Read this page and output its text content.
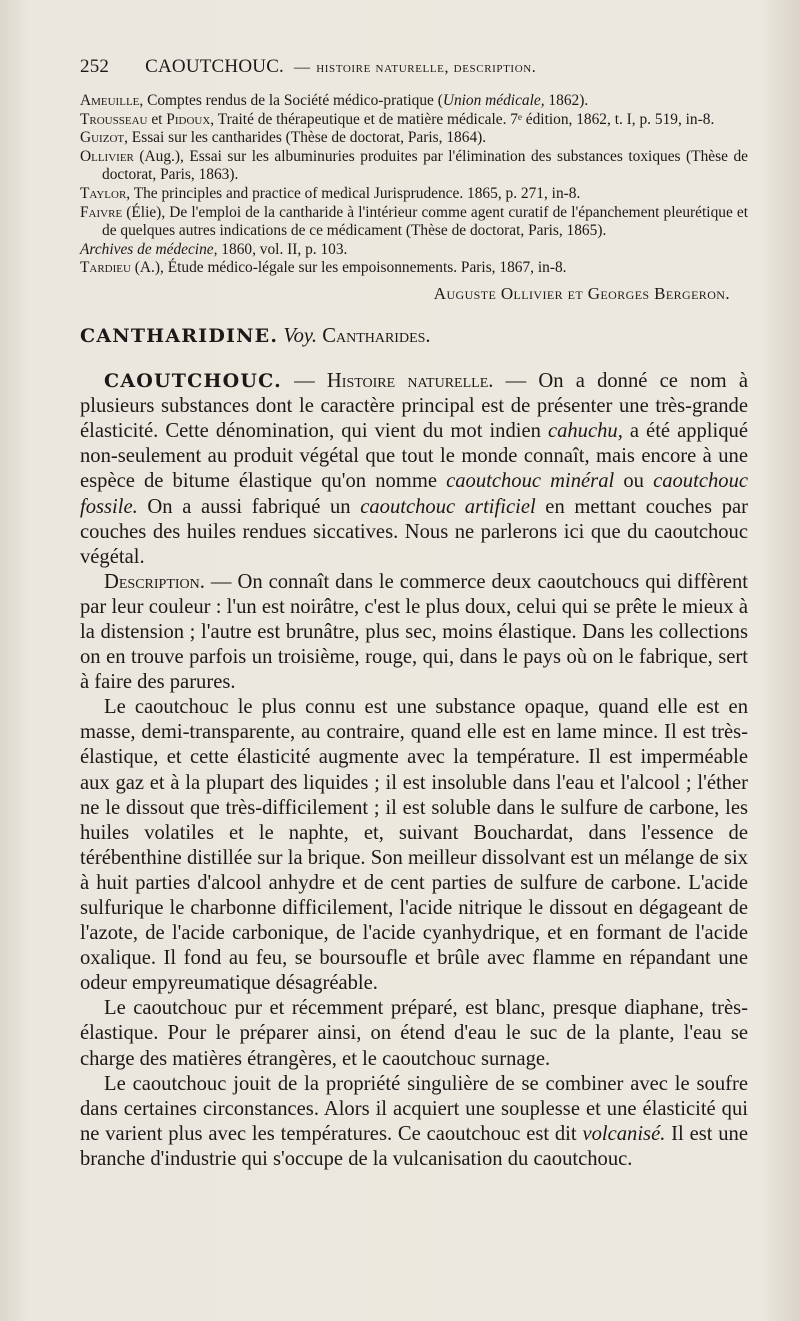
252 CAOUTCHOUC. — histoire naturelle, description.

Ameuille, Comptes rendus de la Société médico-pratique (Union médicale, 1862).

Trousseau et Pidoux, Traité de thérapeutique et de matière médicale. 7ᵉ édition, 1862, t. I, p. 519, in-8.

Guizot, Essai sur les cantharides (Thèse de doctorat, Paris, 1864).

Ollivier (Aug.), Essai sur les albuminuries produites par l'élimination des substances toxiques (Thèse de doctorat, Paris, 1863).

Taylor, The principles and practice of medical Jurisprudence. 1865, p. 271, in-8.

Faivre (Élie), De l'emploi de la cantharide à l'intérieur comme agent curatif de l'épanchement pleurétique et de quelques autres indications de ce médicament (Thèse de doctorat, Paris, 1865).

Archives de médecine, 1860, vol. II, p. 103.

Tardieu (A.), Étude médico-légale sur les empoisonnements. Paris, 1867, in-8.

Auguste Ollivier et Georges Bergeron.

CANTHARIDINE. Voy. Cantharides.

CAOUTCHOUC. — Histoire naturelle. — On a donné ce nom à plusieurs substances dont le caractère principal est de présenter une très-grande élasticité. Cette dénomination, qui vient du mot indien cahuchu, a été appliqué non-seulement au produit végétal que tout le monde connaît, mais encore à une espèce de bitume élastique qu'on nomme caoutchouc minéral ou caoutchouc fossile. On a aussi fabriqué un caoutchouc artificiel en mettant couches par couches des huiles rendues siccatives. Nous ne parlerons ici que du caoutchouc végétal.

Description. — On connaît dans le commerce deux caoutchoucs qui diffèrent par leur couleur : l'un est noirâtre, c'est le plus doux, celui qui se prête le mieux à la distension ; l'autre est brunâtre, plus sec, moins élastique. Dans les collections on en trouve parfois un troisième, rouge, qui, dans le pays où on le fabrique, sert à faire des parures.

Le caoutchouc le plus connu est une substance opaque, quand elle est en masse, demi-transparente, au contraire, quand elle est en lame mince. Il est très-élastique, et cette élasticité augmente avec la température. Il est imperméable aux gaz et à la plupart des liquides ; il est insoluble dans l'eau et l'alcool ; l'éther ne le dissout que très-difficilement ; il est soluble dans le sulfure de carbone, les huiles volatiles et le naphte, et, suivant Bouchardat, dans l'essence de térébenthine distillée sur la brique. Son meilleur dissolvant est un mélange de six à huit parties d'alcool anhydre et de cent parties de sulfure de carbone. L'acide sulfurique le charbonne difficilement, l'acide nitrique le dissout en dégageant de l'azote, de l'acide carbonique, de l'acide cyanhydrique, et en formant de l'acide oxalique. Il fond au feu, se boursoufle et brûle avec flamme en répandant une odeur empyreumatique désagréable.

Le caoutchouc pur et récemment préparé, est blanc, presque diaphane, très-élastique. Pour le préparer ainsi, on étend d'eau le suc de la plante, l'eau se charge des matières étrangères, et le caoutchouc surnage.

Le caoutchouc jouit de la propriété singulière de se combiner avec le soufre dans certaines circonstances. Alors il acquiert une souplesse et une élasticité qui ne varient plus avec les températures. Ce caoutchouc est dit volcanisé. Il est une branche d'industrie qui s'occupe de la vulcanisation du caoutchouc.
